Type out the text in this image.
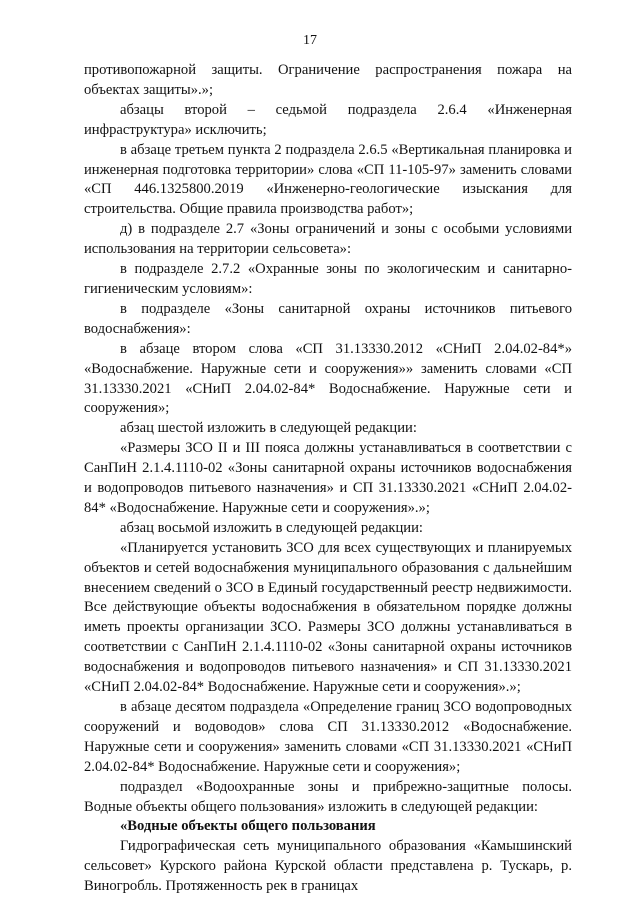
17

противопожарной защиты. Ограничение распространения пожара на объектах защиты».»;

абзацы второй – седьмой подраздела 2.6.4 «Инженерная инфраструктура» исключить;

в абзаце третьем пункта 2 подраздела 2.6.5 «Вертикальная планировка и инженерная подготовка территории» слова «СП 11-105-97» заменить словами «СП 446.1325800.2019 «Инженерно-геологические изыскания для строительства. Общие правила производства работ»;

д) в подразделе 2.7 «Зоны ограничений и зоны с особыми условиями использования на территории сельсовета»:

в подразделе 2.7.2 «Охранные зоны по экологическим и санитарно-гигиеническим условиям»:

в подразделе «Зоны санитарной охраны источников питьевого водоснабжения»:

в абзаце втором слова «СП 31.13330.2012 «СНиП 2.04.02-84*» «Водоснабжение. Наружные сети и сооружения»» заменить словами «СП 31.13330.2021 «СНиП 2.04.02-84* Водоснабжение. Наружные сети и сооружения»;

абзац шестой изложить в следующей редакции:

«Размеры ЗСО II и III пояса должны устанавливаться в соответствии с СанПиН 2.1.4.1110-02 «Зоны санитарной охраны источников водоснабжения и водопроводов питьевого назначения» и СП 31.13330.2021 «СНиП 2.04.02-84* «Водоснабжение. Наружные сети и сооружения».»;

абзац восьмой изложить в следующей редакции:

«Планируется установить ЗСО для всех существующих и планируемых объектов и сетей водоснабжения муниципального образования с дальнейшим внесением сведений о ЗСО в Единый государственный реестр недвижимости. Все действующие объекты водоснабжения в обязательном порядке должны иметь проекты организации ЗСО. Размеры ЗСО должны устанавливаться в соответствии с СанПиН 2.1.4.1110-02 «Зоны санитарной охраны источников водоснабжения и водопроводов питьевого назначения» и СП 31.13330.2021 «СНиП 2.04.02-84* Водоснабжение. Наружные сети и сооружения».»;

в абзаце десятом подраздела «Определение границ ЗСО водопроводных сооружений и водоводов» слова СП 31.13330.2012 «Водоснабжение. Наружные сети и сооружения» заменить словами «СП 31.13330.2021 «СНиП 2.04.02-84* Водоснабжение. Наружные сети и сооружения»;

подраздел «Водоохранные зоны и прибрежно-защитные полосы. Водные объекты общего пользования» изложить в следующей редакции:

«Водные объекты общего пользования

Гидрографическая сеть муниципального образования «Камышинский сельсовет» Курского района Курской области представлена р. Тускарь, р. Виногробль. Протяженность рек в границах
